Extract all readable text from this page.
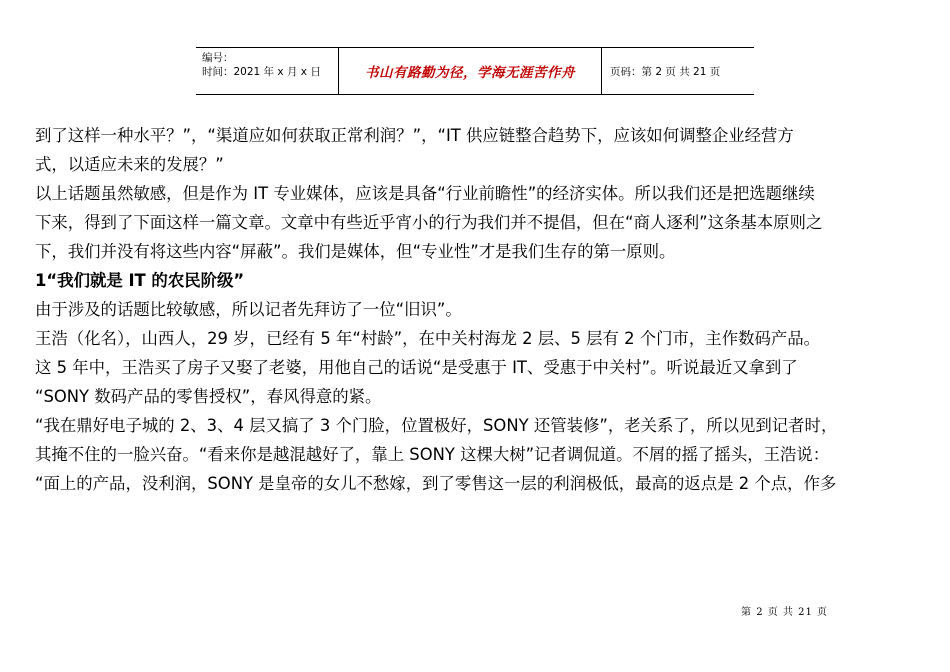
编号：
时间：2021 年 x 月 x 日	书山有路勤为径，学海无涯苦作舟	页码：第 2 页 共 21 页
到了这样一种水平？”，“渠道应如何获取正常利润？”，“IT 供应链整合趋势下，应该如何调整企业经营方
式，以适应未来的发展？”
以上话题虽然敏感，但是作为 IT 专业媒体，应该是具备“行业前瞻性”的经济实体。所以我们还是把选题继续
下来，得到了下面这样一篇文章。文章中有些近乎宵小的行为我们并不提倡，但在“商人逐利”这条基本原则之
下，我们并没有将这些内容“屏蔽”。我们是媒体，但“专业性”才是我们生存的第一原则。
1“我们就是 IT 的农民阶级”
由于涉及的话题比较敏感，所以记者先拜访了一位“旧识”。
王浩（化名），山西人，29 岁，已经有 5 年“村龄”，在中关村海龙 2 层、5 层有 2 个门市，主作数码产品。
这 5 年中，王浩买了房子又娶了老婆，用他自己的话说“是受惠于 IT、受惠于中关村”。听说最近又拿到了
“SONY 数码产品的零售授权”，春风得意的紧。
“我在鼎好电子城的 2、3、4 层又搞了 3 个门脸，位置极好，SONY 还管装修”，老关系了，所以见到记者时，
其掩不住的一脸兴奋。“看来你是越混越好了，靠上 SONY 这棵大树”记者调侃道。不屑的摇了摇头，王浩说：
“面上的产品，没利润，SONY 是皇帝的女儿不愁嫁，到了零售这一层的利润极低，最高的返点是 2 个点，作多
第 2 页 共 21 页
